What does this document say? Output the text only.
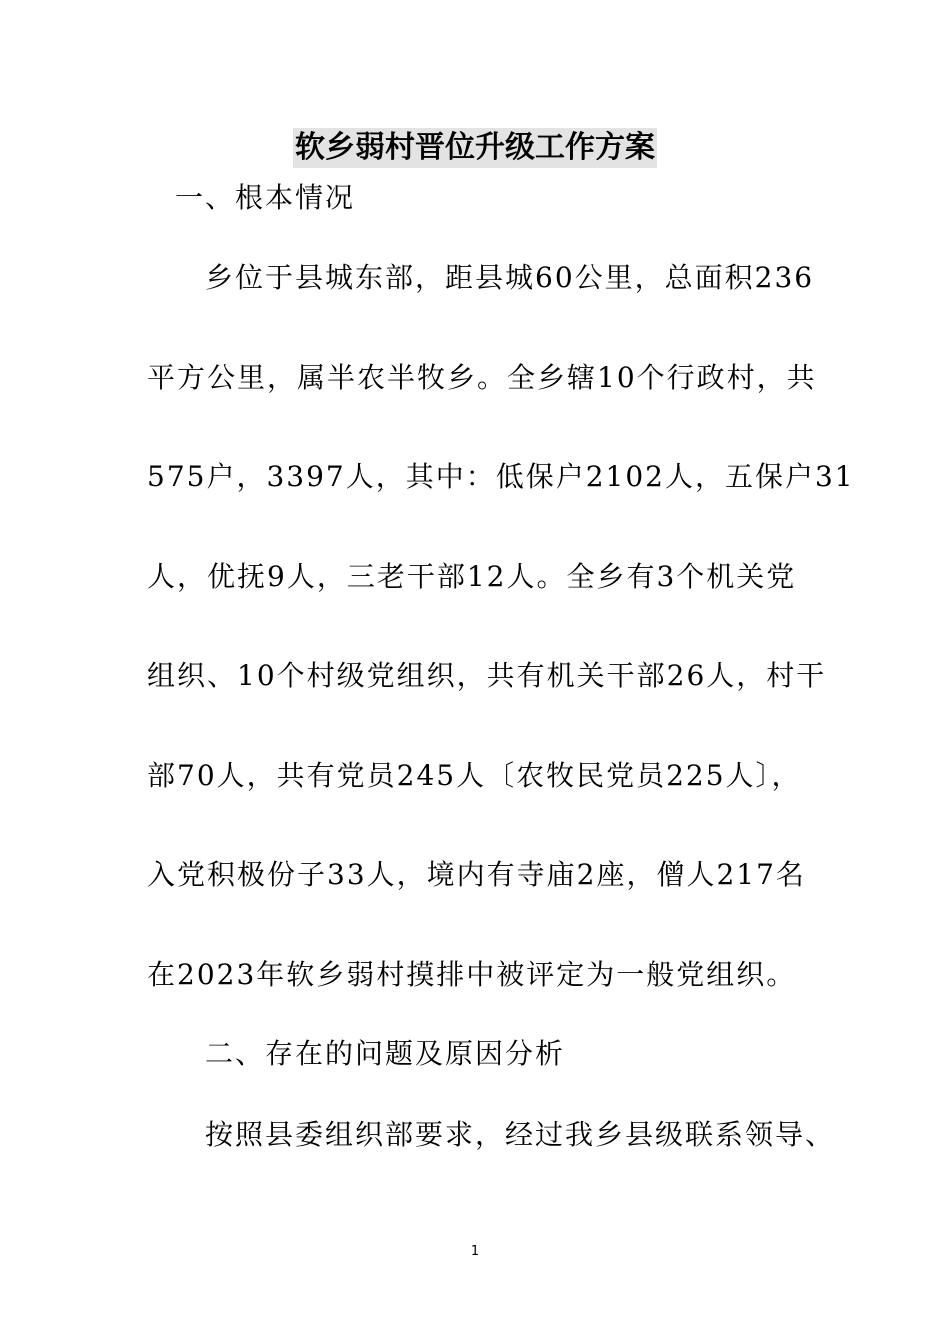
软乡弱村晋位升级工作方案
一、根本情况
乡位于县城东部，距县城60公里，总面积236
平方公里，属半农半牧乡。全乡辖10个行政村，共
575户，3397人，其中：低保户2102人，五保户31
人，优抚9人，三老干部12人。全乡有3个机关党
组织、10个村级党组织，共有机关干部26人，村干
部70人，共有党员245人〔农牧民党员225人〕，
入党积极份子33人，境内有寺庙2座，僧人217名
在2023年软乡弱村摸排中被评定为一般党组织。
二、存在的问题及原因分析
按照县委组织部要求，经过我乡县级联系领导、
1
